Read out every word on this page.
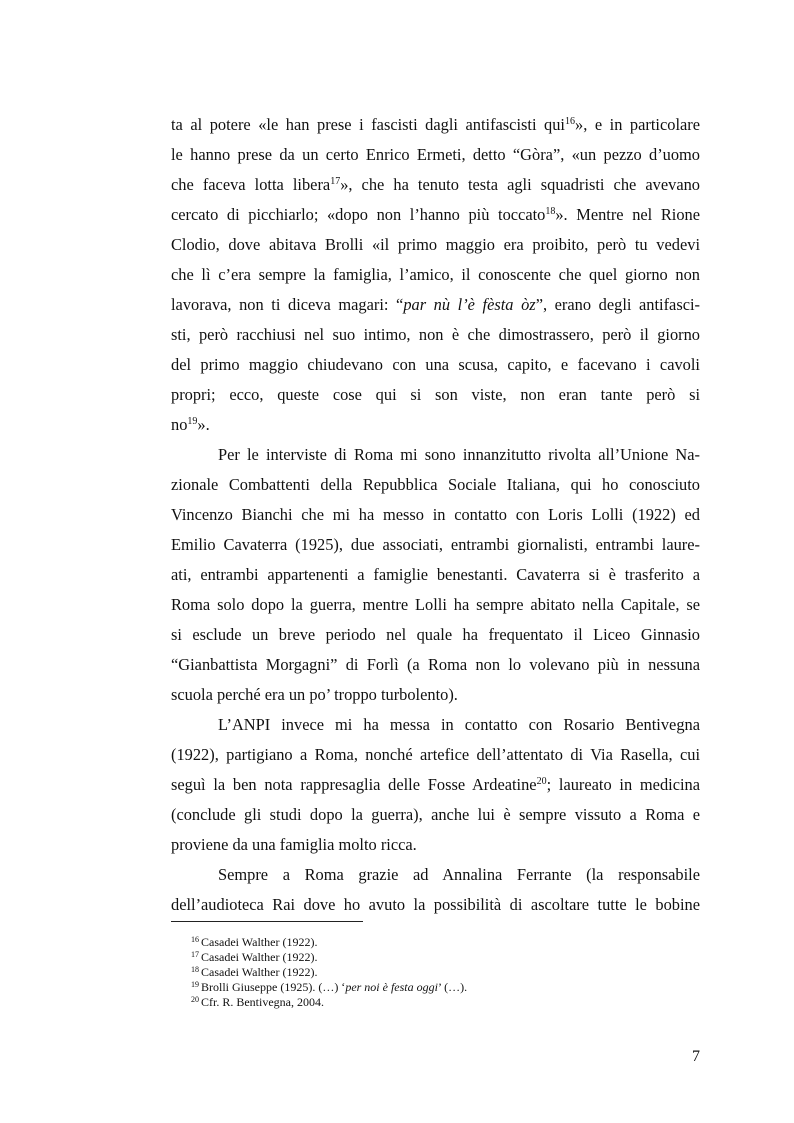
ta al potere «le han prese i fascisti dagli antifascisti qui$^{16}$», e in particolare
le hanno prese da un certo Enrico Ermeti, detto “Gòra”, «un pezzo d’uomo
che faceva lotta libera$^{17}$», che ha tenuto testa agli squadristi che avevano
cercato di picchiarlo; «dopo non l’hanno più toccato$^{18}$». Mentre nel Rione
Clodio, dove abitava Brolli «il primo maggio era proibito, però tu vedevi
che lì c’era sempre la famiglia, l’amico, il conoscente che quel giorno non
lavorava, non ti diceva magari: “par nù l’è fèsta òz”, erano degli antifasci-
sti, però racchiusi nel suo intimo, non è che dimostrassero, però il giorno
del primo maggio chiudevano con una scusa, capito, e facevano i cavoli
propri; ecco, queste cose qui si son viste, non eran tante però si
$no^{19}$».
Per le interviste di Roma mi sono innanzitutto rivolta all’Unione Na-
zionale Combattenti della Repubblica Sociale Italiana, qui ho conosciuto
Vincenzo Bianchi che mi ha messo in contatto con Loris Lolli (1922) ed
Emilio Cavaterra (1925), due associati, entrambi giornalisti, entrambi laure-
ati, entrambi appartenenti a famiglie benestanti. Cavaterra si è trasferito a
Roma solo dopo la guerra, mentre Lolli ha sempre abitato nella Capitale, se
si esclude un breve periodo nel quale ha frequentato il Liceo Ginnasio
“Gianbattista Morgagni” di Forlì (a Roma non lo volevano più in nessuna
scuola perché era un po’ troppo turbolento).
L’ANPI invece mi ha messa in contatto con Rosario Bentivegna
(1922), partigiano a Roma, nonché artefice dell’attentato di Via Rasella, cui
seguì la ben nota rappresaglia delle Fosse Ardeatine$^{20}$; laureato in medicina
(conclude gli studi dopo la guerra), anche lui è sempre vissuto a Roma e
proviene da una famiglia molto ricca.
Sempre a Roma grazie ad Annalina Ferrante (la responsabile
dell’audioteca Rai dove ho avuto la possibilità di ascoltare tutte le bobine
$^{16}$ Casadei Walther (1922).
$^{17}$ Casadei Walther (1922).
$^{18}$ Casadei Walther (1922).
$^{19}$ Brolli Giuseppe (1925). (…) ‘per noi è festa oggi’ (…).
$^{20}$ Cfr. R. Bentivegna, 2004.
7
